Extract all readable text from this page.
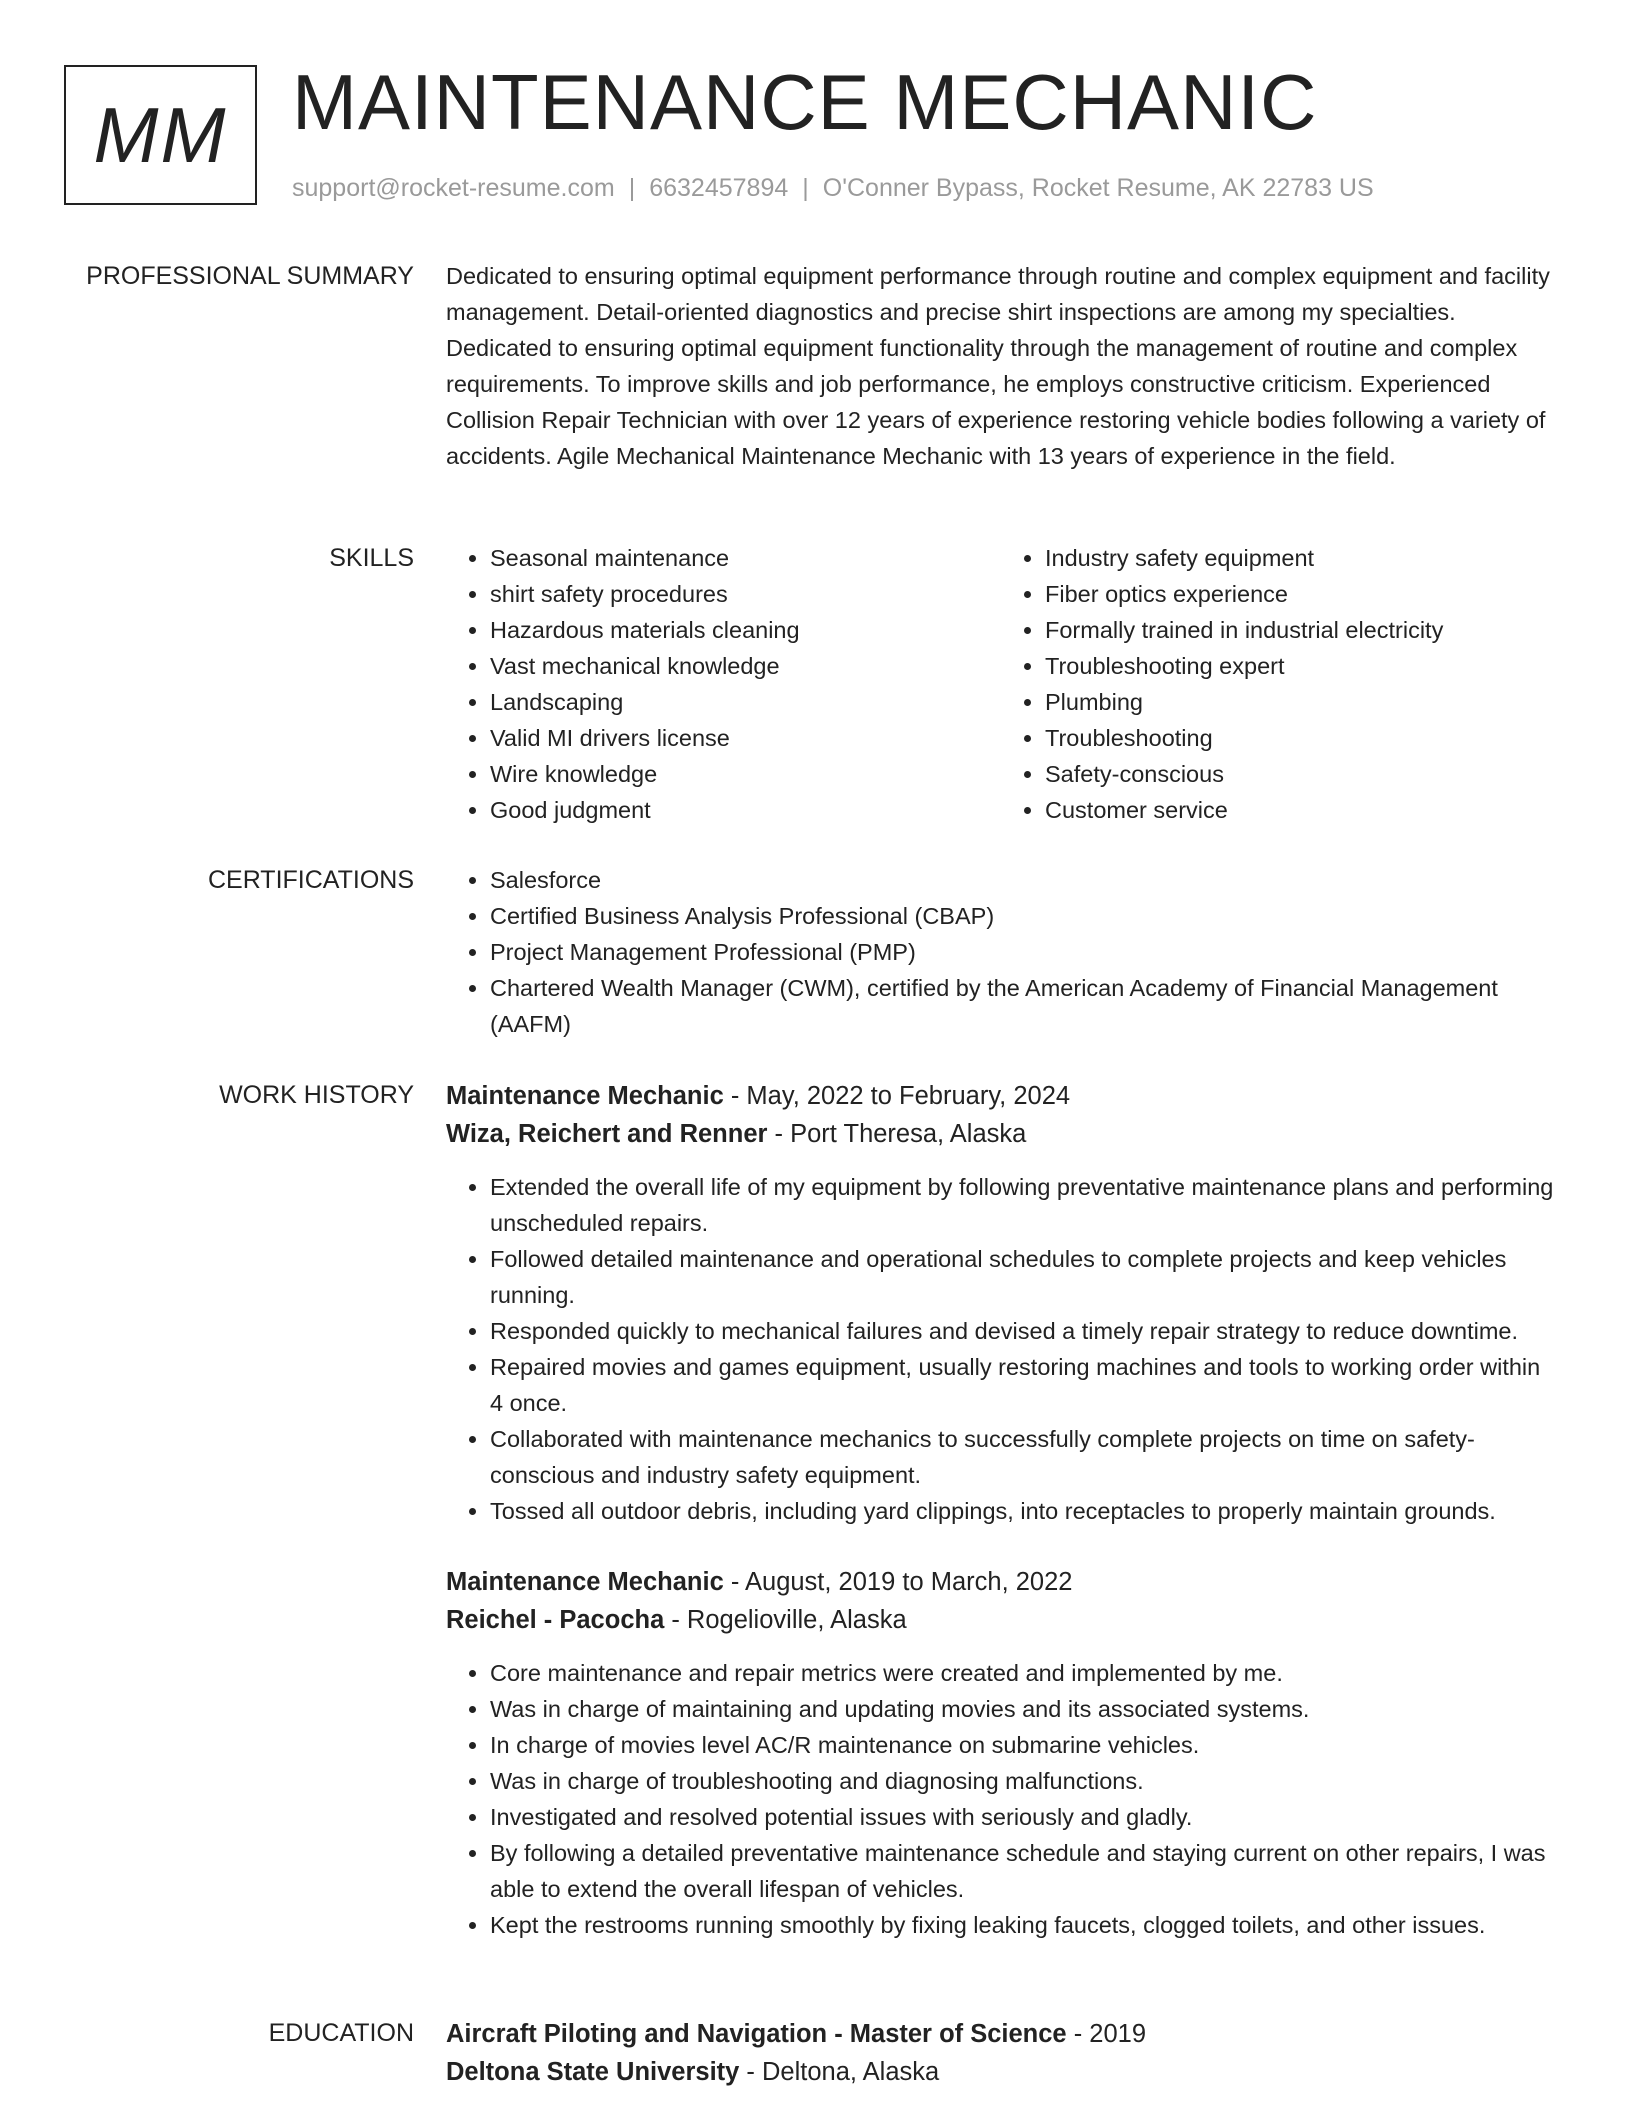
MM MAINTENANCE MECHANIC
support@rocket-resume.com | 6632457894 | O'Conner Bypass, Rocket Resume, AK 22783 US
PROFESSIONAL SUMMARY Dedicated to ensuring optimal equipment performance through routine and complex equipment and facility management. Detail-oriented diagnostics and precise shirt inspections are among my specialties. Dedicated to ensuring optimal equipment functionality through the management of routine and complex requirements. To improve skills and job performance, he employs constructive criticism. Experienced Collision Repair Technician with over 12 years of experience restoring vehicle bodies following a variety of accidents. Agile Mechanical Maintenance Mechanic with 13 years of experience in the field.
SKILLS	• Seasonal maintenance
• shirt safety procedures
• Hazardous materials cleaning
• Vast mechanical knowledge
• Landscaping
• Valid MI drivers license
• Wire knowledge
• Good judgment
• Industry safety equipment
• Fiber optics experience
• Formally trained in industrial electricity
• Troubleshooting expert
• Plumbing
• Troubleshooting
• Safety-conscious
• Customer service
CERTIFICATIONS	• Salesforce
• Certified Business Analysis Professional (CBAP)
• Project Management Professional (PMP)
• Chartered Wealth Manager (CWM), certified by the American Academy of Financial Management (AAFM)
WORK HISTORY Maintenance Mechanic - May, 2022 to February, 2024
Wiza, Reichert and Renner - Port Theresa, Alaska
• Extended the overall life of my equipment by following preventative maintenance plans and performing unscheduled repairs.
• Followed detailed maintenance and operational schedules to complete projects and keep vehicles running.
• Responded quickly to mechanical failures and devised a timely repair strategy to reduce downtime.
• Repaired movies and games equipment, usually restoring machines and tools to working order within 4 once.
• Collaborated with maintenance mechanics to successfully complete projects on time on safety-conscious and industry safety equipment.
• Tossed all outdoor debris, including yard clippings, into receptacles to properly maintain grounds.
Maintenance Mechanic - August, 2019 to March, 2022
Reichel - Pacocha - Rogelioville, Alaska
• Core maintenance and repair metrics were created and implemented by me.
• Was in charge of maintaining and updating movies and its associated systems.
• In charge of movies level AC/R maintenance on submarine vehicles.
• Was in charge of troubleshooting and diagnosing malfunctions.
• Investigated and resolved potential issues with seriously and gladly.
• By following a detailed preventative maintenance schedule and staying current on other repairs, I was able to extend the overall lifespan of vehicles.
• Kept the restrooms running smoothly by fixing leaking faucets, clogged toilets, and other issues.
EDUCATION Aircraft Piloting and Navigation - Master of Science - 2019
Deltona State University - Deltona, Alaska
